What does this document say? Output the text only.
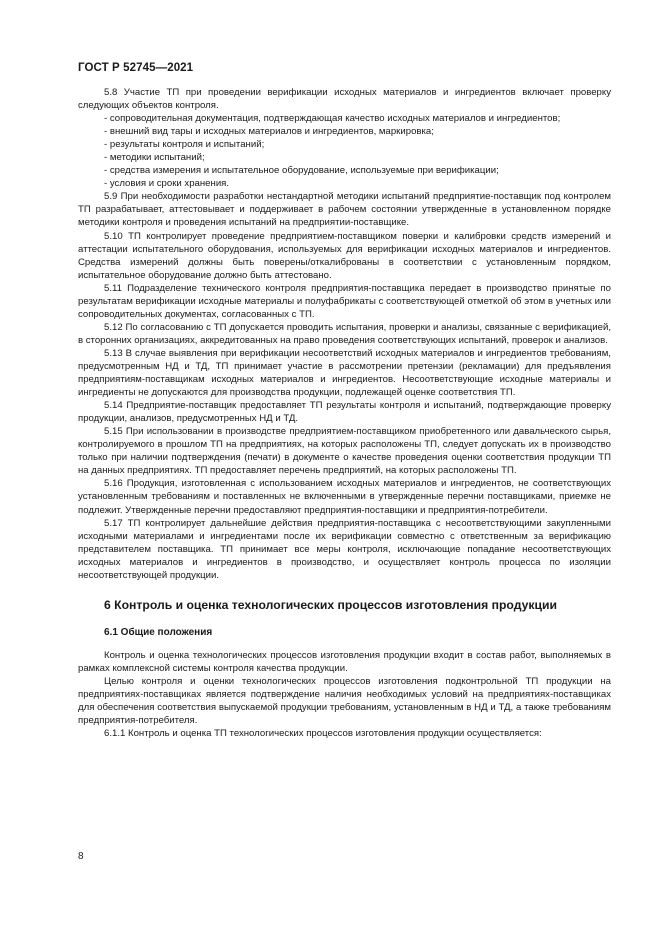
ГОСТ Р 52745—2021

5.8 Участие ТП при проведении верификации исходных материалов и ингредиентов включает проверку следующих объектов контроля.

- сопроводительная документация, подтверждающая качество исходных материалов и ингредиентов;

- внешний вид тары и исходных материалов и ингредиентов, маркировка;

- результаты контроля и испытаний;

- методики испытаний;

- средства измерения и испытательное оборудование, используемые при верификации;

- условия и сроки хранения.

5.9 При необходимости разработки нестандартной методики испытаний предприятие-поставщик под контролем ТП разрабатывает, аттестовывает и поддерживает в рабочем состоянии утвержденные в установленном порядке методики контроля и проведения испытаний на предприятии-поставщике.

5.10 ТП контролирует проведение предприятием-поставщиком поверки и калибровки средств измерений и аттестации испытательного оборудования, используемых для верификации исходных материалов и ингредиентов. Средства измерений должны быть поверены/откалиброваны в соответствии с установленным порядком, испытательное оборудование должно быть аттестовано.

5.11 Подразделение технического контроля предприятия-поставщика передает в производство принятые по результатам верификации исходные материалы и полуфабрикаты с соответствующей отметкой об этом в учетных или сопроводительных документах, согласованных с ТП.

5.12 По согласованию с ТП допускается проводить испытания, проверки и анализы, связанные с верификацией, в сторонних организациях, аккредитованных на право проведения соответствующих испытаний, проверок и анализов.

5.13 В случае выявления при верификации несоответствий исходных материалов и ингредиентов требованиям, предусмотренным НД и ТД, ТП принимает участие в рассмотрении претензии (рекламации) для предъявления предприятиям-поставщикам исходных материалов и ингредиентов. Несоответствующие исходные материалы и ингредиенты не допускаются для производства продукции, подлежащей оценке соответствия ТП.

5.14 Предприятие-поставщик предоставляет ТП результаты контроля и испытаний, подтверждающие проверку продукции, анализов, предусмотренных НД и ТД.

5.15 При использовании в производстве предприятием-поставщиком приобретенного или давальческого сырья, контролируемого в прошлом ТП на предприятиях, на которых расположены ТП, следует допускать их в производство только при наличии подтверждения (печати) в документе о качестве проведения оценки соответствия продукции ТП на данных предприятиях. ТП предоставляет перечень предприятий, на которых расположены ТП.

5.16 Продукция, изготовленная с использованием исходных материалов и ингредиентов, не соответствующих установленным требованиям и поставленных не включенными в утвержденные перечни поставщиками, приемке не подлежит. Утвержденные перечни предоставляют предприятия-поставщики и предприятия-потребители.

5.17 ТП контролирует дальнейшие действия предприятия-поставщика с несоответствующими закупленными исходными материалами и ингредиентами после их верификации совместно с ответственным за верификацию представителем поставщика. ТП принимает все меры контроля, исключающие попадание несоответствующих исходных материалов и ингредиентов в производство, и осуществляет контроль процесса по изоляции несоответствующей продукции.

6 Контроль и оценка технологических процессов изготовления продукции
6.1 Общие положения

Контроль и оценка технологических процессов изготовления продукции входит в состав работ, выполняемых в рамках комплексной системы контроля качества продукции.

Целью контроля и оценки технологических процессов изготовления подконтрольной ТП продукции на предприятиях-поставщиках является подтверждение наличия необходимых условий на предприятиях-поставщиках для обеспечения соответствия выпускаемой продукции требованиям, установленным в НД и ТД, а также требованиям предприятия-потребителя.

6.1.1 Контроль и оценка ТП технологических процессов изготовления продукции осуществляется:

8
